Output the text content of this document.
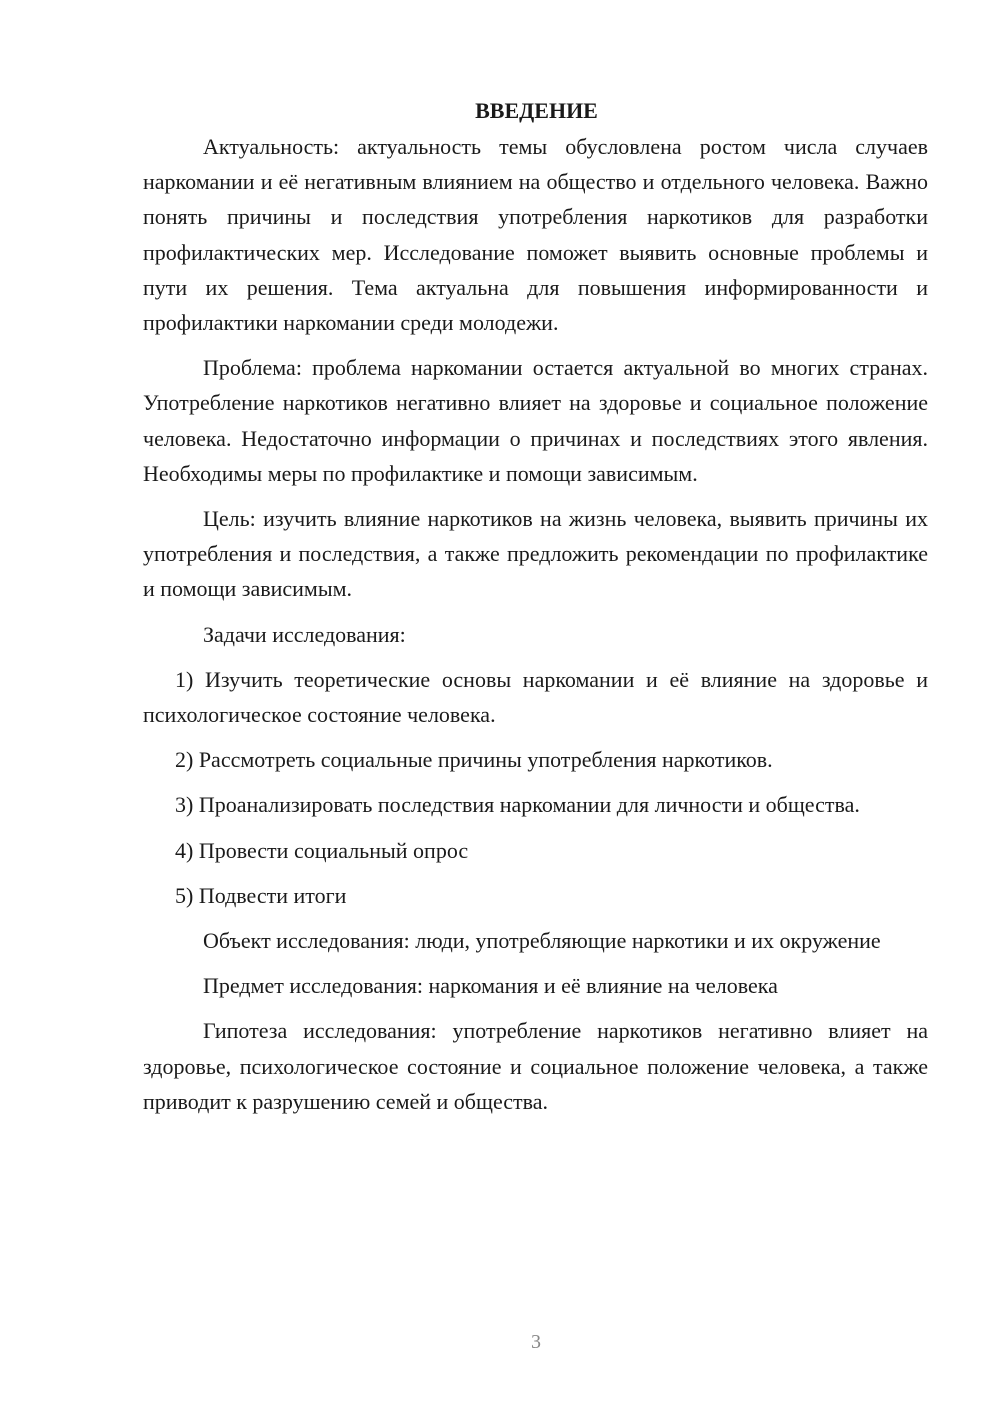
ВВЕДЕНИЕ

Актуальность: актуальность темы обусловлена ростом числа случаев наркомании и её негативным влиянием на общество и отдельного человека. Важно понять причины и последствия употребления наркотиков для разработки профилактических мер. Исследование поможет выявить основные проблемы и пути их решения. Тема актуальна для повышения информированности и профилактики наркомании среди молодежи.

Проблема: проблема наркомании остается актуальной во многих странах. Употребление наркотиков негативно влияет на здоровье и социальное положение человека. Недостаточно информации о причинах и последствиях этого явления. Необходимы меры по профилактике и помощи зависимым.

Цель: изучить влияние наркотиков на жизнь человека, выявить причины их употребления и последствия, а также предложить рекомендации по профилактике и помощи зависимым.

Задачи исследования:

1) Изучить теоретические основы наркомании и её влияние на здоровье и психологическое состояние человека.

2) Рассмотреть социальные причины употребления наркотиков.

3) Проанализировать последствия наркомании для личности и общества.

4) Провести социальный опрос

5) Подвести итоги

Объект исследования: люди, употребляющие наркотики и их окружение

Предмет исследования: наркомания и её влияние на человека

Гипотеза исследования: употребление наркотиков негативно влияет на здоровье, психологическое состояние и социальное положение человека, а также приводит к разрушению семей и общества.

3
